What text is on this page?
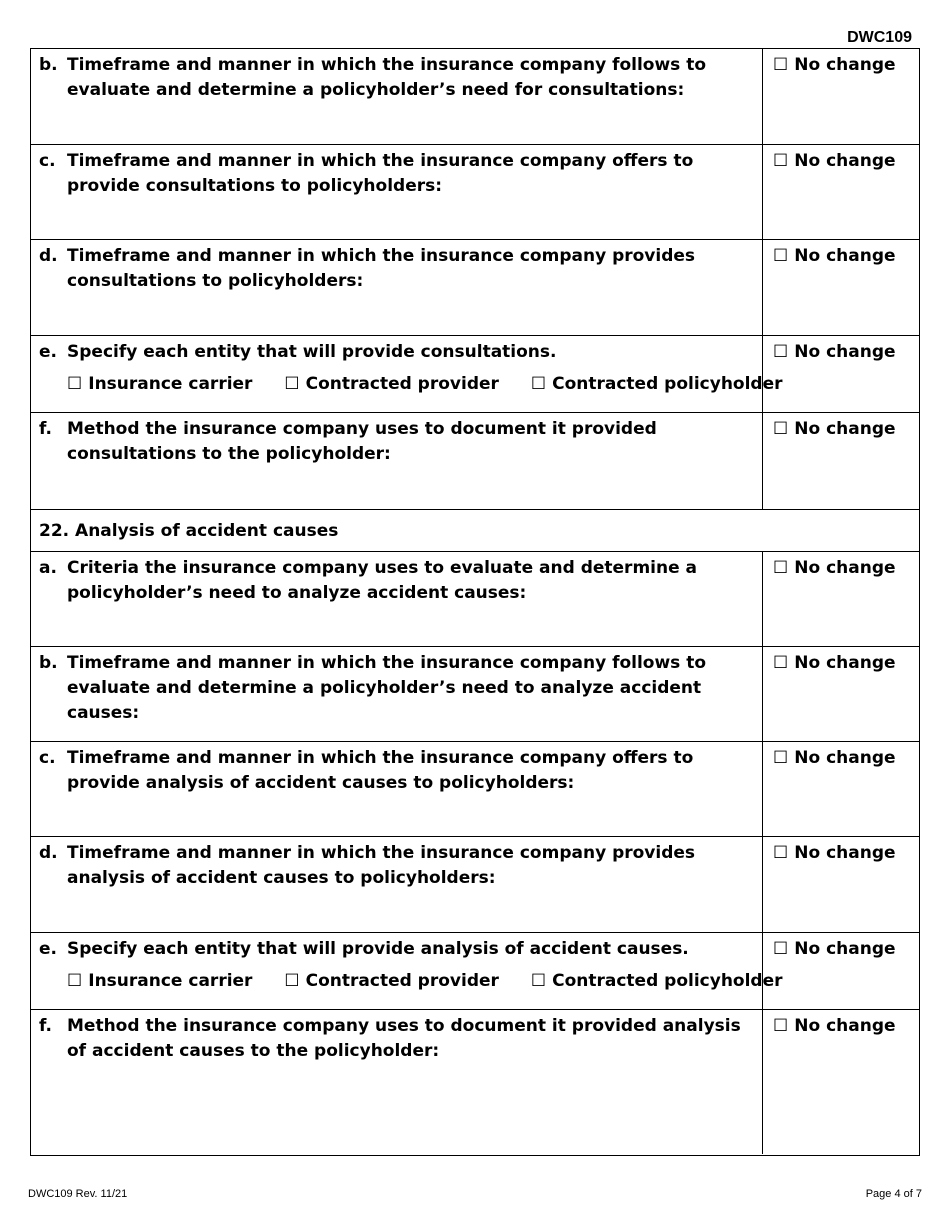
DWC109
b. Timeframe and manner in which the insurance company follows to evaluate and determine a policyholder’s need for consultations:
☐ No change
c. Timeframe and manner in which the insurance company offers to provide consultations to policyholders:
☐ No change
d. Timeframe and manner in which the insurance company provides consultations to policyholders:
☐ No change
e. Specify each entity that will provide consultations.
☐ Insurance carrier ☐ Contracted provider ☐ Contracted policyholder
☐ No change
f. Method the insurance company uses to document it provided consultations to the policyholder:
☐ No change
22. Analysis of accident causes
a. Criteria the insurance company uses to evaluate and determine a policyholder’s need to analyze accident causes:
☐ No change
b. Timeframe and manner in which the insurance company follows to evaluate and determine a policyholder’s need to analyze accident causes:
☐ No change
c. Timeframe and manner in which the insurance company offers to provide analysis of accident causes to policyholders:
☐ No change
d. Timeframe and manner in which the insurance company provides analysis of accident causes to policyholders:
☐ No change
e. Specify each entity that will provide analysis of accident causes.
☐ Insurance carrier ☐ Contracted provider ☐ Contracted policyholder
☐ No change
f. Method the insurance company uses to document it provided analysis of accident causes to the policyholder:
☐ No change
DWC109 Rev. 11/21	Page 4 of 7
